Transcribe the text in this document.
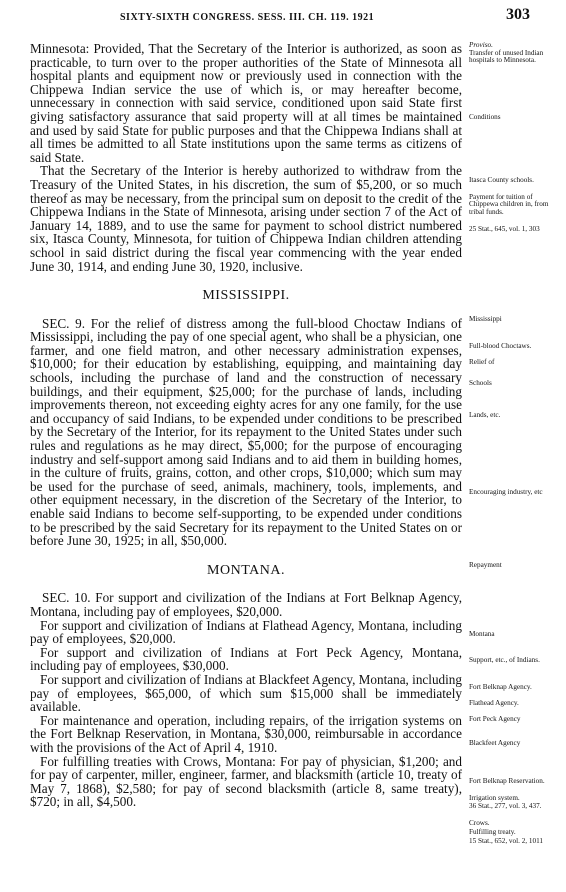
SIXTY-SIXTH CONGRESS. SESS. III. CH. 119. 1921	303

Minnesota: Provided, That the Secretary of the Interior is authorized, as soon as practicable, to turn over to the proper authorities of the State of Minnesota all hospital plants and equipment now or previously used in connection with the Chippewa Indian service the use of which is, or may hereafter become, unnecessary in connection with said service, conditioned upon said State first giving satisfactory assurance that said property will at all times be maintained and used by said State for public purposes and that the Chippewa Indians shall at all times be admitted to all State institutions upon the same terms as citizens of said State.

That the Secretary of the Interior is hereby authorized to withdraw from the Treasury of the United States, in his discretion, the sum of $5,200, or so much thereof as may be necessary, from the principal sum on deposit to the credit of the Chippewa Indians in the State of Minnesota, arising under section 7 of the Act of January 14, 1889, and to use the same for payment to school district numbered six, Itasca County, Minnesota, for tuition of Chippewa Indian children attending school in said district during the fiscal year commencing with the year ended June 30, 1914, and ending June 30, 1920, inclusive.

MISSISSIPPI.

SEC. 9. For the relief of distress among the full-blood Choctaw Indians of Mississippi, including the pay of one special agent, who shall be a physician, one farmer, and one field matron, and other necessary administration expenses, $10,000; for their education by establishing, equipping, and maintaining day schools, including the purchase of land and the construction of necessary buildings, and their equipment, $25,000; for the purchase of lands, including improvements thereon, not exceeding eighty acres for any one family, for the use and occupancy of said Indians, to be expended under conditions to be prescribed by the Secretary of the Interior, for its repayment to the United States under such rules and regulations as he may direct, $5,000; for the purpose of encouraging industry and self-support among said Indians and to aid them in building homes, in the culture of fruits, grains, cotton, and other crops, $10,000; which sum may be used for the purchase of seed, animals, machinery, tools, implements, and other equipment necessary, in the discretion of the Secretary of the Interior, to enable said Indians to become self-supporting, to be expended under conditions to be prescribed by the said Secretary for its repayment to the United States on or before June 30, 1925; in all, $50,000.

MONTANA.

SEC. 10. For support and civilization of the Indians at Fort Belknap Agency, Montana, including pay of employees, $20,000.

For support and civilization of Indians at Flathead Agency, Montana, including pay of employees, $20,000.

For support and civilization of Indians at Fort Peck Agency, Montana, including pay of employees, $30,000.

For support and civilization of Indians at Blackfeet Agency, Montana, including pay of employees, $65,000, of which sum $15,000 shall be immediately available.

For maintenance and operation, including repairs, of the irrigation systems on the Fort Belknap Reservation, in Montana, $30,000, reimbursable in accordance with the provisions of the Act of April 4, 1910.

For fulfilling treaties with Crows, Montana: For pay of physician, $1,200; and for pay of carpenter, miller, engineer, farmer, and blacksmith (article 10, treaty of May 7, 1868), $2,580; for pay of second blacksmith (article 8, same treaty), $720; in all, $4,500.

Proviso.
Transfer of unused Indian hospitals to Minnesota.
Conditions
Itasca County schools.
Payment for tuition of Chippewa children in, from tribal funds.
25 Stat., 645, vol. 1, 303
Mississippi
Full-blood Choctaws.
Relief of
Schools
Lands, etc.
Encouraging industry, etc
Repayment
Montana
Support, etc., of Indians.
Fort Belknap Agency.
Flathead Agency.
Fort Peck Agency
Blackfeet Agency
Fort Belknap Reservation.
Irrigation system.
36 Stat., 277, vol. 3, 437.
Crows.
Fulfilling treaty.
15 Stat., 652, vol. 2, 1011
